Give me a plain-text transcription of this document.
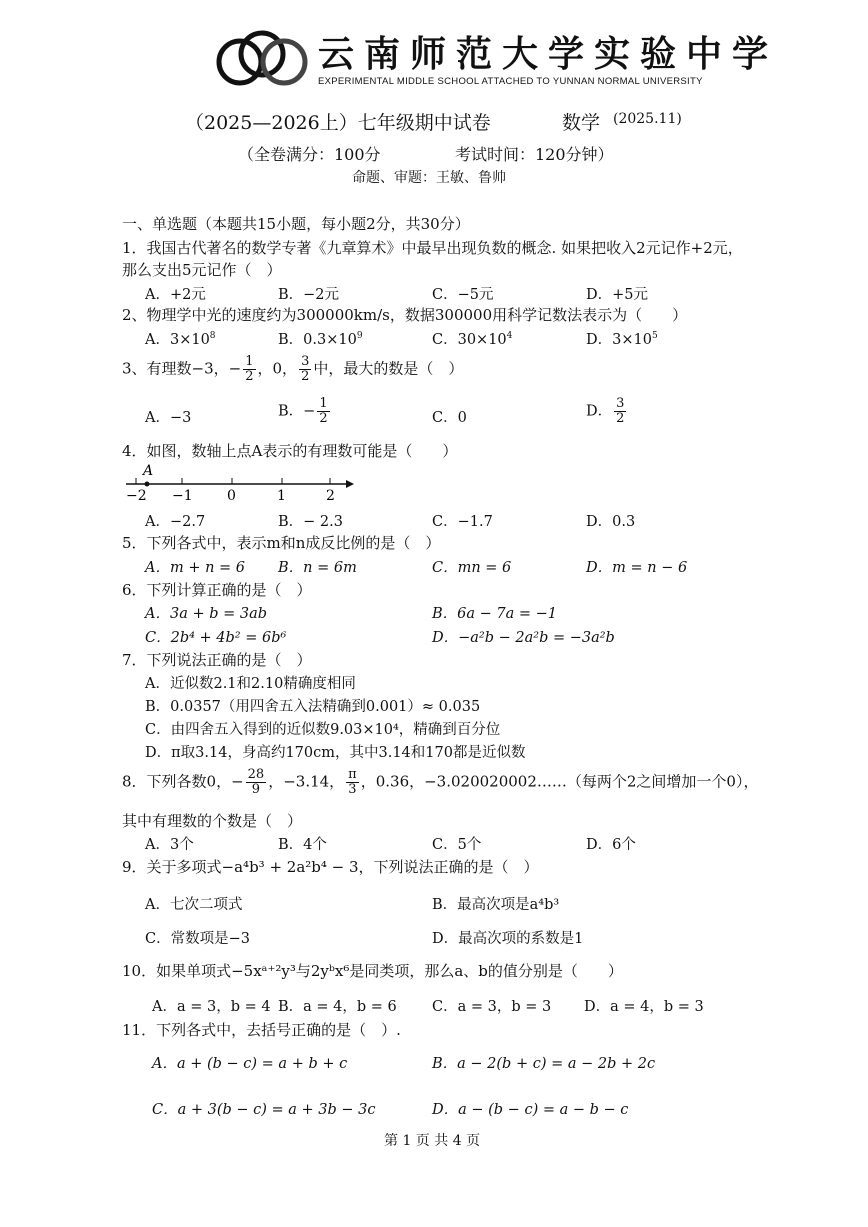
云南师范大学实验中学
EXPERIMENTAL MIDDLE SCHOOL ATTACHED TO YUNNAN NORMAL UNIVERSITY
（2025—2026上）七年级期中试卷	数学 (2025.11)
（全卷满分：100分	考试时间：120分钟）
命题、审题：王敏、鲁帅
一、单选题（本题共15小题，每小题2分，共30分）
1．我国古代著名的数学专著《九章算术》中最早出现负数的概念. 如果把收入2元记作+2元，
那么支出5元记作（　）
A．+2元	B．−2元	C．−5元	D．+5元
2、物理学中光的速度约为300000km/s，数据300000用科学记数法表示为（　　）
A．$3\times 10^8$	B．$0.3\times 10^9$	C．$30\times 10^4$	D．$3\times 10^5$
3、有理数−3，− $\frac{1}{2}$ ，0， $\frac{3}{2}$ 中，最大的数是（　）
A．−3	B．− $\frac{1}{2}$	C．0	D． $\frac{3}{2}$
4．如图，数轴上点A表示的有理数可能是（　　）
A
−2 −1 0	1	2
A．−2.7	B．− 2.3	C．−1.7	D．0.3
5．下列各式中，表示m和n成反比例的是（　）
A．m + n = 6 B．n = 6m	C．mn = 6	D．m = n − 6
6．下列计算正确的是（　）
A．3a + b = 3ab	B．6a − 7a = −1
C．2b⁴ + 4b² = 6b⁶	D．−a²b − 2a²b = −3a²b
7．下列说法正确的是（　）
A．近似数2.1和2.10精确度相同
B．0.0357（用四舍五入法精确到0.001）≈ 0.035
C．由四舍五入得到的近似数9.03×10⁴，精确到百分位
D．π取3.14，身高约170cm，其中3.14和170都是近似数
8．下列各数0，− $\frac{28}{9}$ ，−3.14， $\frac{\pi}{3}$ ，0.36，−3.020020002……（每两个2之间增加一个0），
其中有理数的个数是（　）
A．3个	B．4个	C．5个	D．6个
9．关于多项式−a⁴b³ + 2a²b⁴ − 3，下列说法正确的是（　）
A．七次二项式	B．最高次项是a⁴b³
C．常数项是−3	D．最高次项的系数是1
10．如果单项式−5xᵃ⁺²y³与2yᵇx⁶是同类项，那么a、b的值分别是（　　）
A．a = 3，b = 4 B．a = 4，b = 6 C．a = 3，b = 3 D．a = 4，b = 3
11．下列各式中，去括号正确的是（　）.
A．a + (b − c) = a + b + c	B．a − 2(b + c) = a − 2b + 2c
C．a + 3(b − c) = a + 3b − 3c	D．a − (b − c) = a − b − c
第 1 页 共 4 页
